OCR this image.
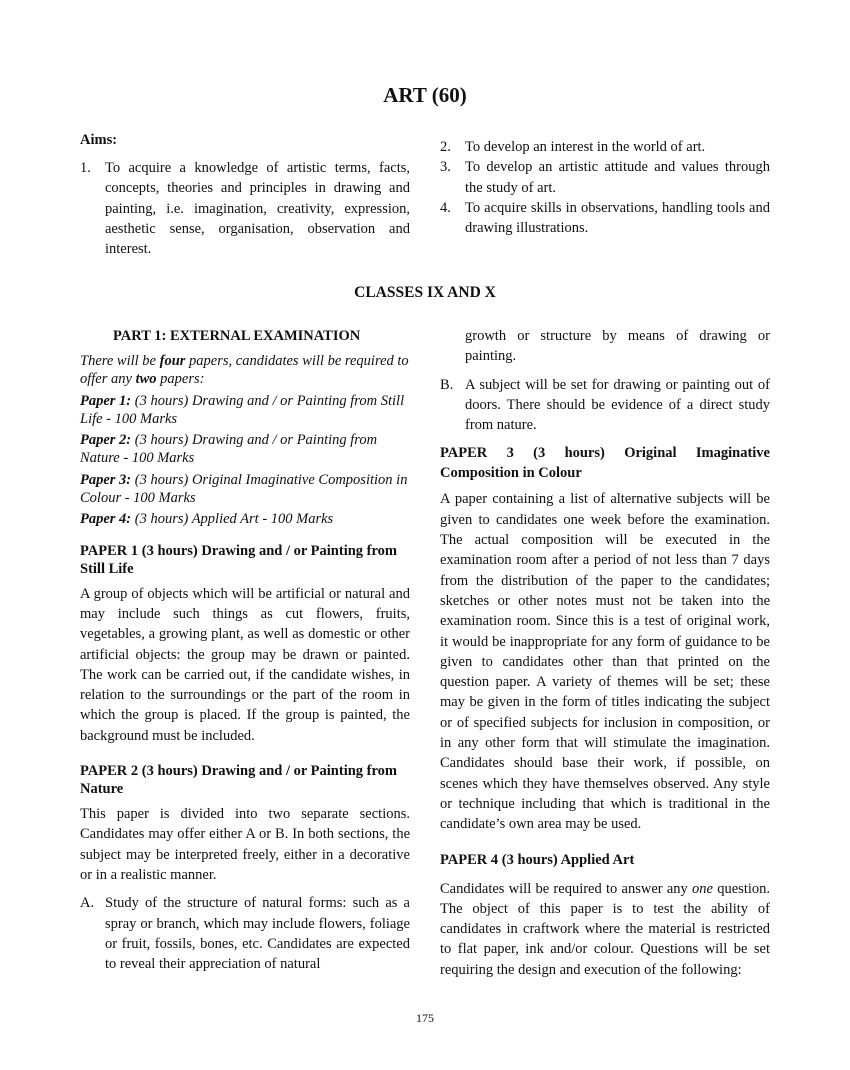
ART (60)
Aims:
1. To acquire a knowledge of artistic terms, facts, concepts, theories and principles in drawing and painting, i.e. imagination, creativity, expression, aesthetic sense, organisation, observation and interest.
2. To develop an interest in the world of art.
3. To develop an artistic attitude and values through the study of art.
4. To acquire skills in observations, handling tools and drawing illustrations.
CLASSES IX AND X
PART 1: EXTERNAL EXAMINATION
There will be four papers, candidates will be required to offer any two papers:
Paper 1: (3 hours) Drawing and / or Painting from Still Life - 100 Marks
Paper 2: (3 hours) Drawing and / or Painting from Nature - 100 Marks
Paper 3: (3 hours) Original Imaginative Composition in Colour - 100 Marks
Paper 4: (3 hours) Applied Art - 100 Marks
PAPER 1 (3 hours) Drawing and / or Painting from Still Life

A group of objects which will be artificial or natural and may include such things as cut flowers, fruits, vegetables, a growing plant, as well as domestic or other artificial objects: the group may be drawn or painted. The work can be carried out, if the candidate wishes, in relation to the surroundings or the part of the room in which the group is placed. If the group is painted, the background must be included.

PAPER 2 (3 hours) Drawing and / or Painting from Nature

This paper is divided into two separate sections. Candidates may offer either A or B. In both sections, the subject may be interpreted freely, either in a decorative or in a realistic manner.

A. Study of the structure of natural forms: such as a spray or branch, which may include flowers, foliage or fruit, fossils, bones, etc. Candidates are expected to reveal their appreciation of natural

growth or structure by means of drawing or painting.

B. A subject will be set for drawing or painting out of doors. There should be evidence of a direct study from nature.
PAPER 3 (3 hours) Original Imaginative
Composition in Colour

A paper containing a list of alternative subjects will be given to candidates one week before the examination. The actual composition will be executed in the examination room after a period of not less than 7 days from the distribution of the paper to the candidates; sketches or other notes must not be taken into the examination room. Since this is a test of original work, it would be inappropriate for any form of guidance to be given to candidates other than that printed on the question paper. A variety of themes will be set; these may be given in the form of titles indicating the subject or of specified subjects for inclusion in composition, or in any other form that will stimulate the imagination. Candidates should base their work, if possible, on scenes which they have themselves observed. Any style or technique including that which is traditional in the candidate’s own area may be used.

PAPER 4 (3 hours) Applied Art

Candidates will be required to answer any one question. The object of this paper is to test the ability of candidates in craftwork where the material is restricted to flat paper, ink and/or colour. Questions will be set requiring the design and execution of the following:

175
